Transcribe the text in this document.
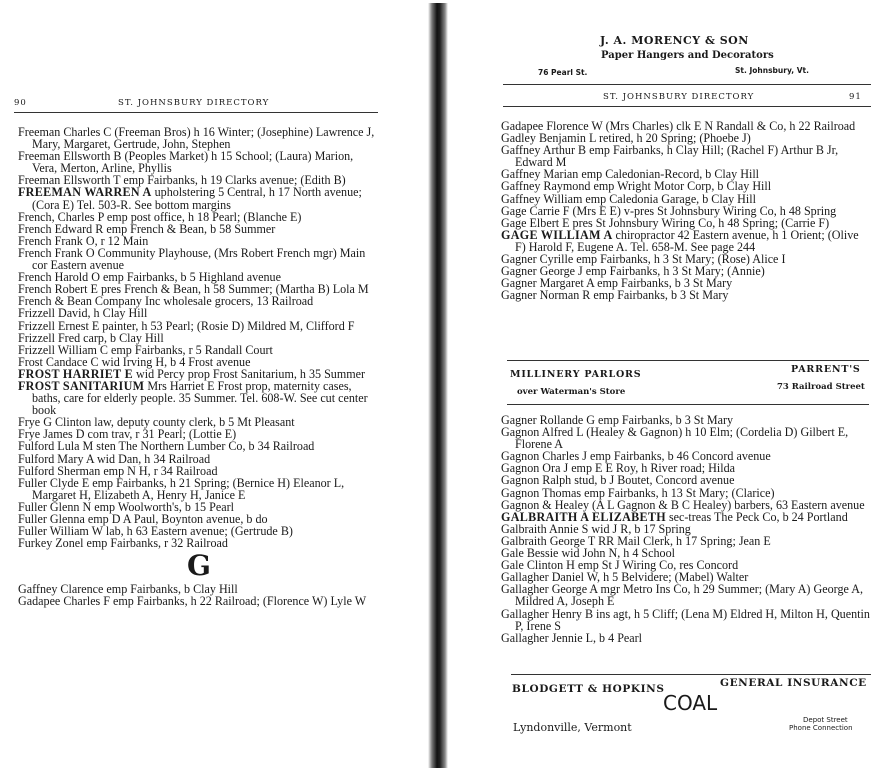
90	ST. JOHNSBURY DIRECTORY
Freeman Charles C (Freeman Bros) h 16 Winter; (Josephine) Lawrence J, Mary, Margaret, Gertrude, John, Stephen
Freeman Ellsworth B (Peoples Market) h 15 School; (Laura) Marion, Vera, Merton, Arline, Phyllis
Freeman Ellsworth T emp Fairbanks, h 19 Clarks avenue; (Edith B)
FREEMAN WARREN A upholstering 5 Central, h 17 North avenue; (Cora E) Tel. 503-R. See bottom margins
French, Charles P emp post office, h 18 Pearl; (Blanche E)
French Edward R emp French & Bean, b 58 Summer
French Frank O, r 12 Main
French Frank O Community Playhouse, (Mrs Robert French mgr) Main cor Eastern avenue
French Harold O emp Fairbanks, b 5 Highland avenue
French Robert E pres French & Bean, h 58 Summer; (Martha B) Lola M
French & Bean Company Inc wholesale grocers, 13 Railroad
Frizzell David, h Clay Hill
Frizzell Ernest E painter, h 53 Pearl; (Rosie D) Mildred M, Clifford F
Frizzell Fred carp, b Clay Hill
Frizzell William C emp Fairbanks, r 5 Randall Court
Frost Candace C wid Irving H, b 4 Frost avenue
FROST HARRIET E wid Percy prop Frost Sanitarium, h 35 Summer
FROST SANITARIUM Mrs Harriet E Frost prop, maternity cases, baths, care for elderly people. 35 Summer. Tel. 608-W. See cut center book
Frye G Clinton law, deputy county clerk, b 5 Mt Pleasant
Frye James D com trav, r 31 Pearl; (Lottie E)
Fulford Lula M sten The Northern Lumber Co, b 34 Railroad
Fulford Mary A wid Dan, h 34 Railroad
Fulford Sherman emp N H, r 34 Railroad
Fuller Clyde E emp Fairbanks, h 21 Spring; (Bernice H) Eleanor L, Margaret H, Elizabeth A, Henry H, Janice E
Fuller Glenn N emp Woolworth's, b 15 Pearl
Fuller Glenna emp D A Paul, Boynton avenue, b do
Fuller William W lab, h 63 Eastern avenue; (Gertrude B)
Furkey Zonel emp Fairbanks, r 32 Railroad
G
Gaffney Clarence emp Fairbanks, b Clay Hill
Gadapee Charles F emp Fairbanks, h 22 Railroad; (Florence W) Lyle W
J. A. MORENCY & SON
Paper Hangers and Decorators
76 Pearl St.	St. Johnsbury, Vt.
ST. JOHNSBURY DIRECTORY	91
Gadapee Florence W (Mrs Charles) clk E N Randall & Co, h 22 Railroad
Gadley Benjamin L retired, h 20 Spring; (Phoebe J)
Gaffney Arthur B emp Fairbanks, h Clay Hill; (Rachel F) Arthur B Jr, Edward M
Gaffney Marian emp Caledonian-Record, b Clay Hill
Gaffney Raymond emp Wright Motor Corp, b Clay Hill
Gaffney William emp Caledonia Garage, b Clay Hill
Gage Carrie F (Mrs E E) v-pres St Johnsbury Wiring Co, h 48 Spring
Gage Elbert E pres St Johnsbury Wiring Co, h 48 Spring; (Carrie F)
GAGE WILLIAM A chiropractor 42 Eastern avenue, h 1 Orient; (Olive F) Harold F, Eugene A. Tel. 658-M. See page 244
Gagner Cyrille emp Fairbanks, h 3 St Mary; (Rose) Alice I
Gagner George J emp Fairbanks, h 3 St Mary; (Annie)
Gagner Margaret A emp Fairbanks, b 3 St Mary
Gagner Norman R emp Fairbanks, b 3 St Mary
MILLINERY PARLORS
over Waterman's Store
PARRENT'S
73 Railroad Street
Gagner Rollande G emp Fairbanks, b 3 St Mary
Gagnon Alfred L (Healey & Gagnon) h 10 Elm; (Cordelia D) Gilbert E, Florene A
Gagnon Charles J emp Fairbanks, b 46 Concord avenue
Gagnon Ora J emp E E Roy, h River road; Hilda
Gagnon Ralph stud, b J Boutet, Concord avenue
Gagnon Thomas emp Fairbanks, h 13 St Mary; (Clarice)
Gagnon & Healey (A L Gagnon & B C Healey) barbers, 63 Eastern avenue
GALBRAITH A ELIZABETH sec-treas The Peck Co, b 24 Portland
Galbraith Annie S wid J R, b 17 Spring
Galbraith George T RR Mail Clerk, h 17 Spring; Jean E
Gale Bessie wid John N, h 4 School
Gale Clinton H emp St J Wiring Co, res Concord
Gallagher Daniel W, h 5 Belvidere; (Mabel) Walter
Gallagher George A mgr Metro Ins Co, h 29 Summer; (Mary A) George A, Mildred A, Joseph E
Gallagher Henry B ins agt, h 5 Cliff; (Lena M) Eldred H, Milton H, Quentin P, Irene S
Gallagher Jennie L, b 4 Pearl
BLODGETT & HOPKINS	GENERAL INSURANCE
COAL
Lyndonville, Vermont
Depot Street
Phone Connection
